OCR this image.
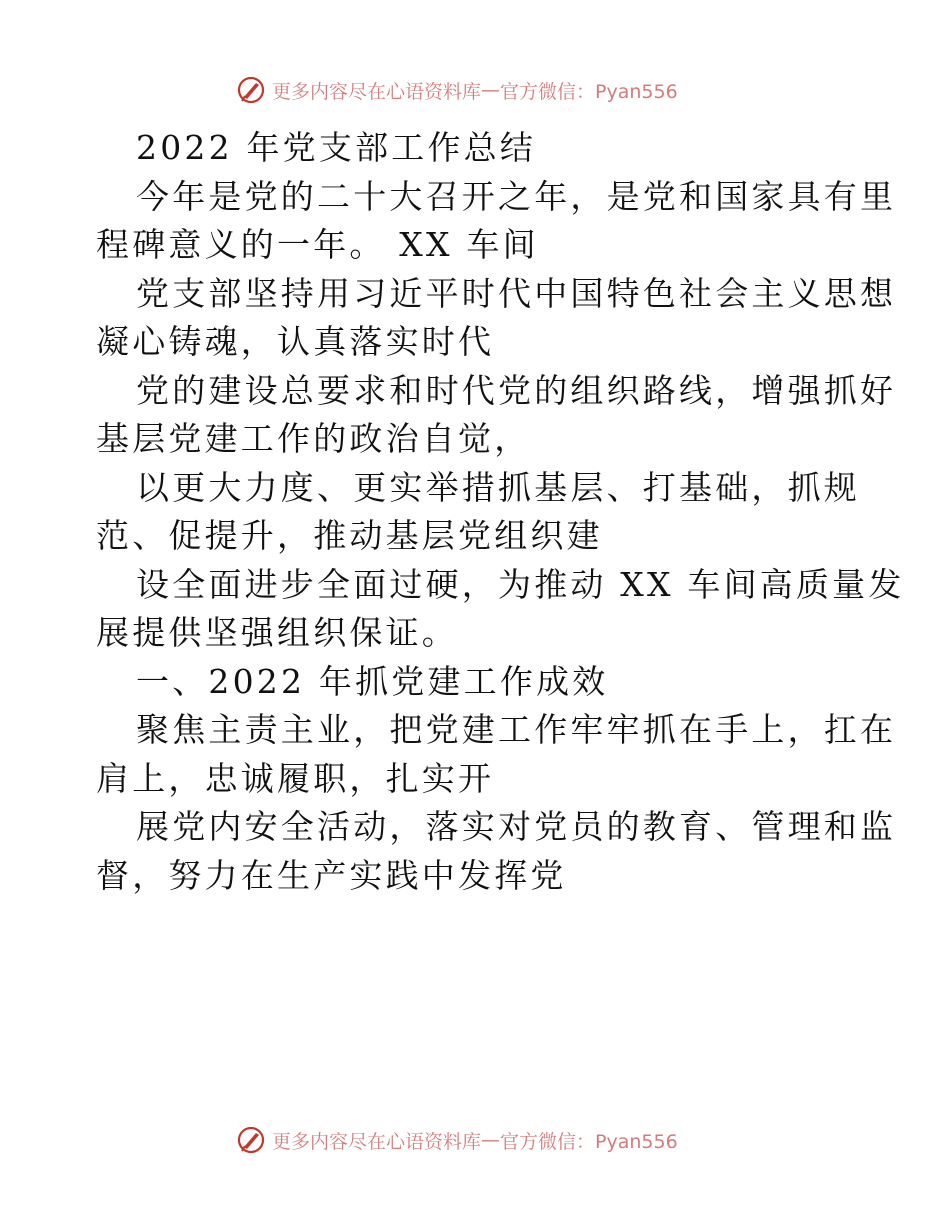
更多内容尽在心语资料库 — 官方微信：Pyan556
2022 年党支部工作总结
今年是党的二十大召开之年，是党和国家具有里
程碑意义的一年。 XX 车间
党支部坚持用习近平时代中国特色社会主义思想
凝心铸魂，认真落实时代
党的建设总要求和时代党的组织路线，增强抓好
基层党建工作的政治自觉，
以更大力度、更实举措抓基层、打基础，抓规
范、促提升，推动基层党组织建
设全面进步全面过硬，为推动 XX 车间高质量发
展提供坚强组织保证。
一、2022 年抓党建工作成效
聚焦主责主业，把党建工作牢牢抓在手上，扛在
肩上，忠诚履职，扎实开
展党内安全活动，落实对党员的教育、管理和监
督，努力在生产实践中发挥党
更多内容尽在心语资料库 — 官方微信：Pyan556
